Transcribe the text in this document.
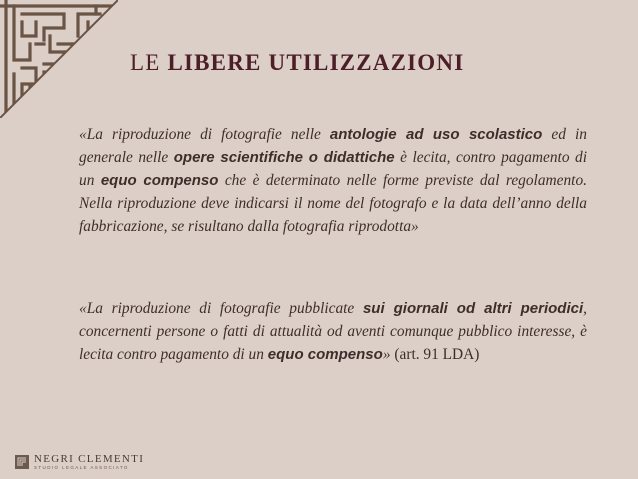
LE LIBERE UTILIZZAZIONI

«La riproduzione di fotografie nelle antologie ad uso scolastico ed in generale nelle opere scientifiche o didattiche è lecita, contro pagamento di un equo compenso che è determinato nelle forme previste dal regolamento. Nella riproduzione deve indicarsi il nome del fotografo e la data dell’anno della fabbricazione, se risultano dalla fotografia riprodotta»

«La riproduzione di fotografie pubblicate sui giornali od altri periodici, concernenti persone o fatti di attualità od aventi comunque pubblico interesse, è lecita contro pagamento di un equo compenso» (art. 91 LDA)

NEGRI CLEMENTI
STUDIO LEGALE ASSOCIATO
